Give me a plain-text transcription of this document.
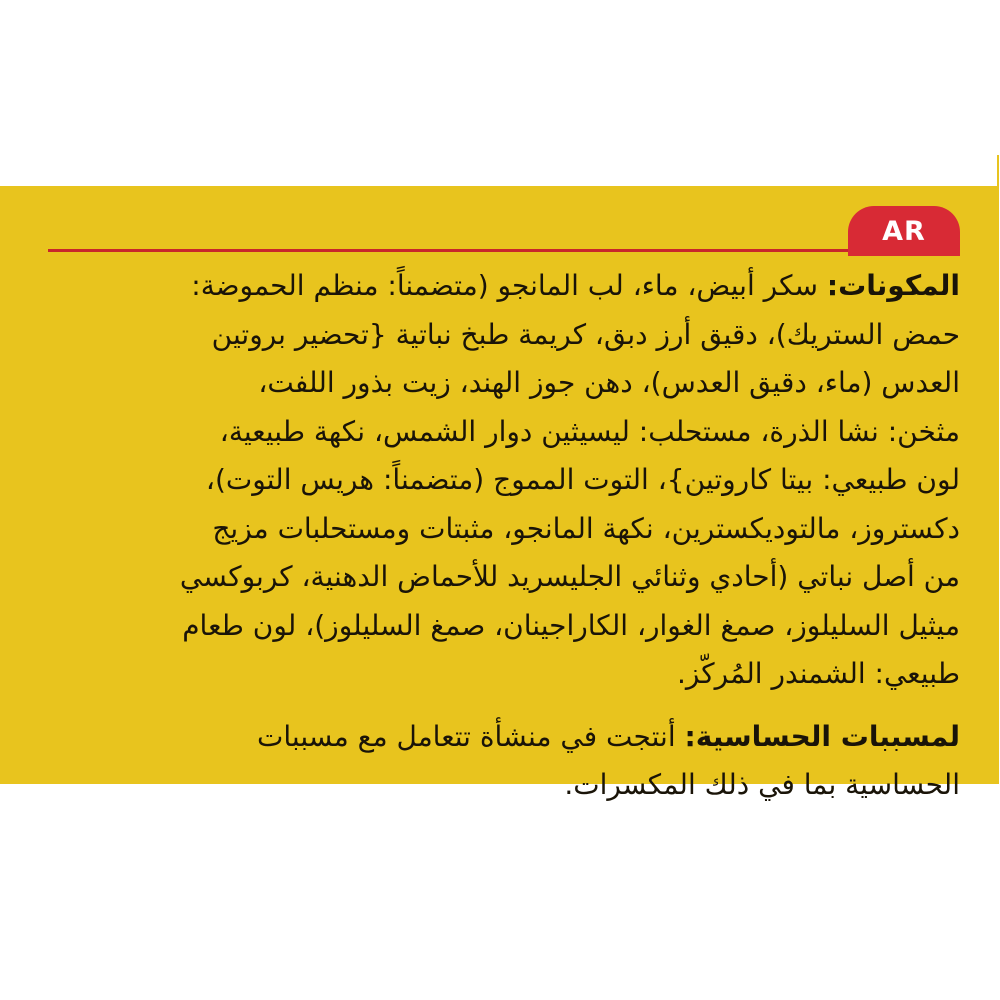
AR

المكونات: سكر أبيض، ماء، لب المانجو (متضمناً: منظم الحموضة:
حمض الستريك)، دقيق أرز دبق، كريمة طبخ نباتية {تحضير بروتين
العدس (ماء، دقيق العدس)، دهن جوز الهند، زيت بذور اللفت،
مثخن: نشا الذرة، مستحلب: ليسيثين دوار الشمس، نكهة طبيعية،
لون طبيعي: بيتا كاروتين}، التوت المموج (متضمناً: هريس التوت)،
دكستروز، مالتوديكسترين، نكهة المانجو، مثبتات ومستحلبات مزيج
من أصل نباتي (أحادي وثنائي الجليسريد للأحماض الدهنية، كربوكسي
ميثيل السليلوز، صمغ الغوار، الكاراجينان، صمغ السليلوز)، لون طعام
طبيعي: الشمندر المُركّز.

لمسببات الحساسية: أنتجت في منشأة تتعامل مع مسببات
الحساسية بما في ذلك المكسرات.
